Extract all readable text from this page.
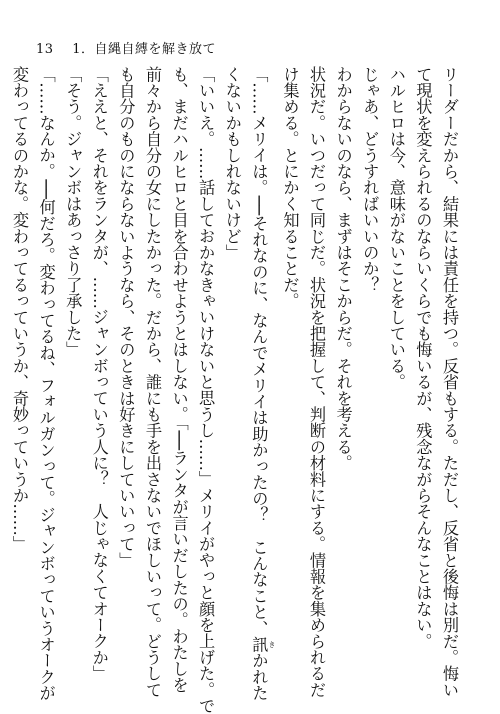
13 1．自縄自縛を解き放て
リーダーだから、結果には責任を持つ。反省もする。ただし、反省と後悔は別だ。悔い
て現状を変えられるのならいくらでも悔いるが、残念ながらそんなことはない。
ハルヒロは今、意味がないことをしている。
じゃあ、どうすればいいのか？
わからないのなら、まずはそこからだ。それを考える。
状況だ。いつだって同じだ。状況を把握して、判断の材料にする。情報を集められるだ
け集める。とにかく知ることだ。
「……メリイは。──それなのに、なんでメリイは助かったの？　こんなこと、訊 きかれた
くないかもしれないけど」
「いいえ。……話しておかなきゃいけないと思うし……」メリイがやっと顔を上げた。で
も、まだハルヒロと目を合わせようとはしない。「──ランタが言いだしたの。わたしを
前々から自分の女にしたかった。だから、誰にも手を出さないでほしいって。どうして
も自分のものにならないようなら、そのときは好きにしていいって」
「ええと、それをランタが、……ジャンボっていう人に？　人じゃなくてオークか」
「そう。ジャンボはあっさり了承した」
「……なんか。──何だろ。変わってるね、フォルガンって。ジャンボっていうオークが
変わってるのかな。変わってるっていうか、奇妙っていうか……」
